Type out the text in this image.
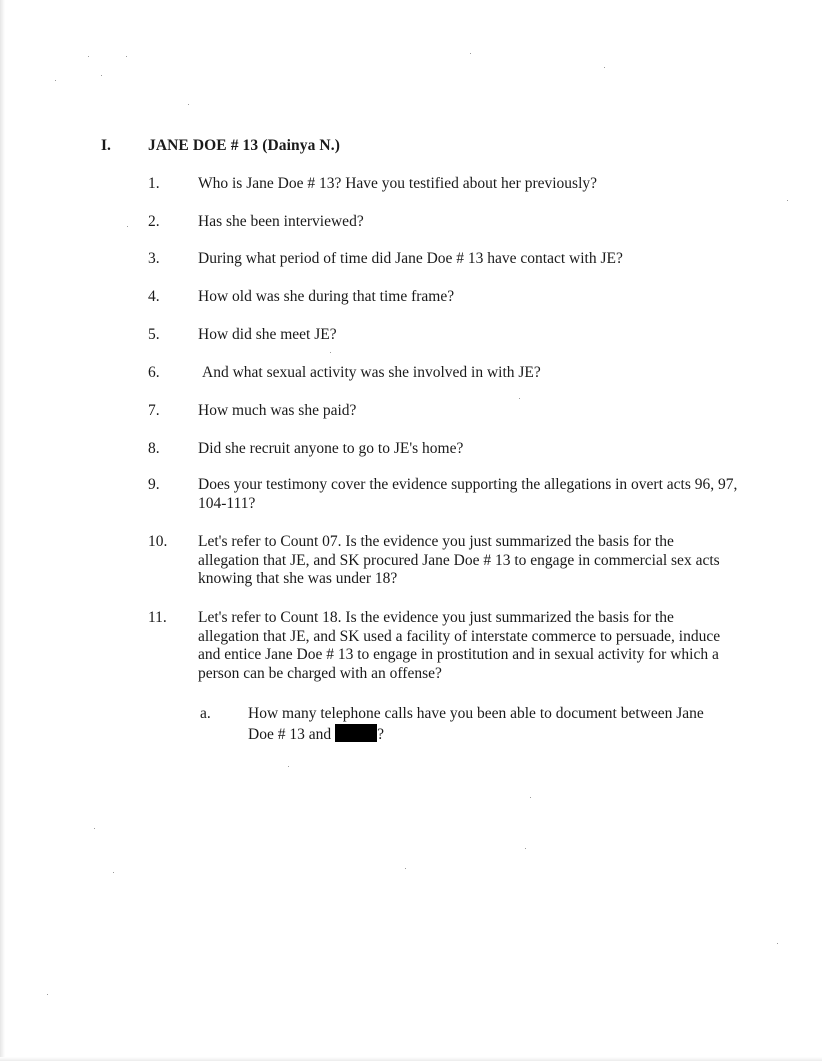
I. JANE DOE # 13 (Dainya N.)
1. Who is Jane Doe # 13? Have you testified about her previously?
2. Has she been interviewed?
3. During what period of time did Jane Doe # 13 have contact with JE?
4. How old was she during that time frame?
5. How did she meet JE?
6.	And what sexual activity was she involved in with JE?
7. How much was she paid?
8. Did she recruit anyone to go to JE's home?
9. Does your testimony cover the evidence supporting the allegations in overt acts 96, 97, 104-111?
10. Let's refer to Count 07. Is the evidence you just summarized the basis for the allegation that JE, and SK procured Jane Doe # 13 to engage in commercial sex acts knowing that she was under 18?
11. Let's refer to Count 18. Is the evidence you just summarized the basis for the allegation that JE, and SK used a facility of interstate commerce to persuade, induce and entice Jane Doe # 13 to engage in prostitution and in sexual activity for which a person can be charged with an offense?
a. How many telephone calls have you been able to document between Jane Doe # 13 and	?
